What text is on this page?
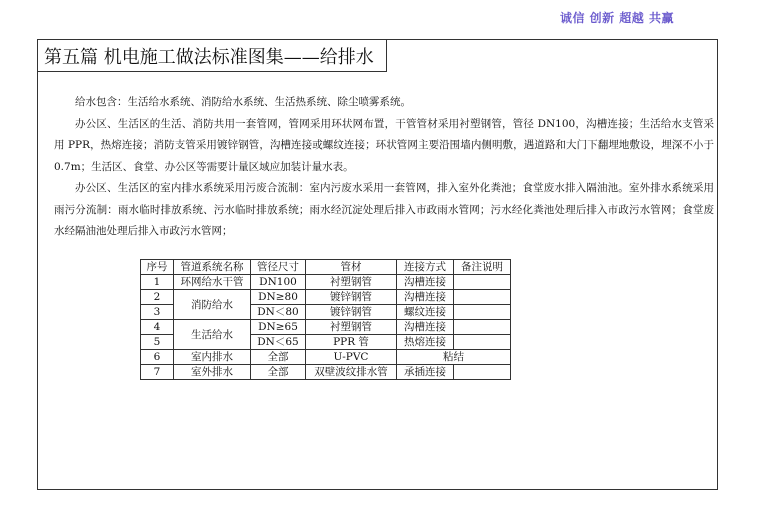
诚信 创新 超越 共赢
第五篇 机电施工做法标准图集——给排水

给水包含：生活给水系统、消防给水系统、生活热系统、除尘喷雾系统。

办公区、生活区的生活、消防共用一套管网，管网采用环状网布置，干管管材采用衬塑钢管，管径 DN100，沟槽连接；生活给水支管采用 PPR，热熔连接；消防支管采用镀锌钢管，沟槽连接或螺纹连接；环状管网主要沿围墙内侧明敷，遇道路和大门下翻埋地敷设，埋深不小于 0.7m；生活区、食堂、办公区等需要计量区域应加装计量水表。

办公区、生活区的室内排水系统采用污废合流制：室内污废水采用一套管网，排入室外化粪池；食堂废水排入隔油池。室外排水系统采用雨污分流制：雨水临时排放系统、污水临时排放系统；雨水经沉淀处理后排入市政雨水管网；污水经化粪池处理后排入市政污水管网；食堂废水经隔油池处理后排入市政污水管网；

序号	管道系统名称	管径尺寸	管材	连接方式	备注说明
1	环网给水干管	DN100	衬塑钢管	沟槽连接	
2	消防给水	DN≥80	镀锌钢管	沟槽连接	
3		DN＜80	镀锌钢管	螺纹连接	
4	生活给水	DN≥65	衬塑钢管	沟槽连接	
5		DN＜65	PPR 管	热熔连接	
6	室内排水	全部	U-PVC	粘结	
7	室外排水	全部	双壁波纹排水管	承插连接	
